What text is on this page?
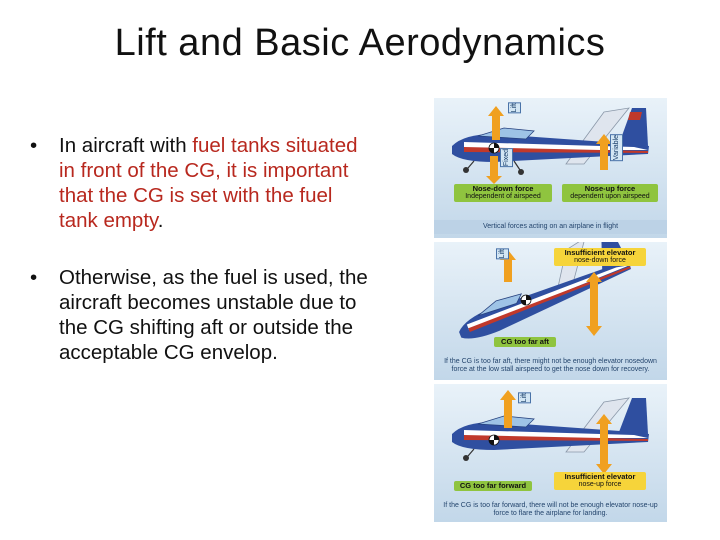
Lift and Basic Aerodynamics
• In aircraft with fuel tanks situated in front of the CG, it is important that the CG is set with the fuel tank empty.
• Otherwise, as the fuel is used, the aircraft becomes unstable due to the CG shifting aft or outside the acceptable CG envelop.
Lift
Fixed	Variable
Nose-down force
Independent of airspeed
Nose-up force
dependent upon airspeed
Vertical forces acting on an airplane in flight
Lift	Insufficient elevator
nose-down force
CG too far aft
If the CG is too far aft, there might not be enough elevator nosedown force at the low stall airspeed to get the nose down for recovery.
Lift
Insufficient elevator
nose-up force
CG too far forward
If the CG is too far forward, there will not be enough elevator nose-up force to flare the airplane for landing.
